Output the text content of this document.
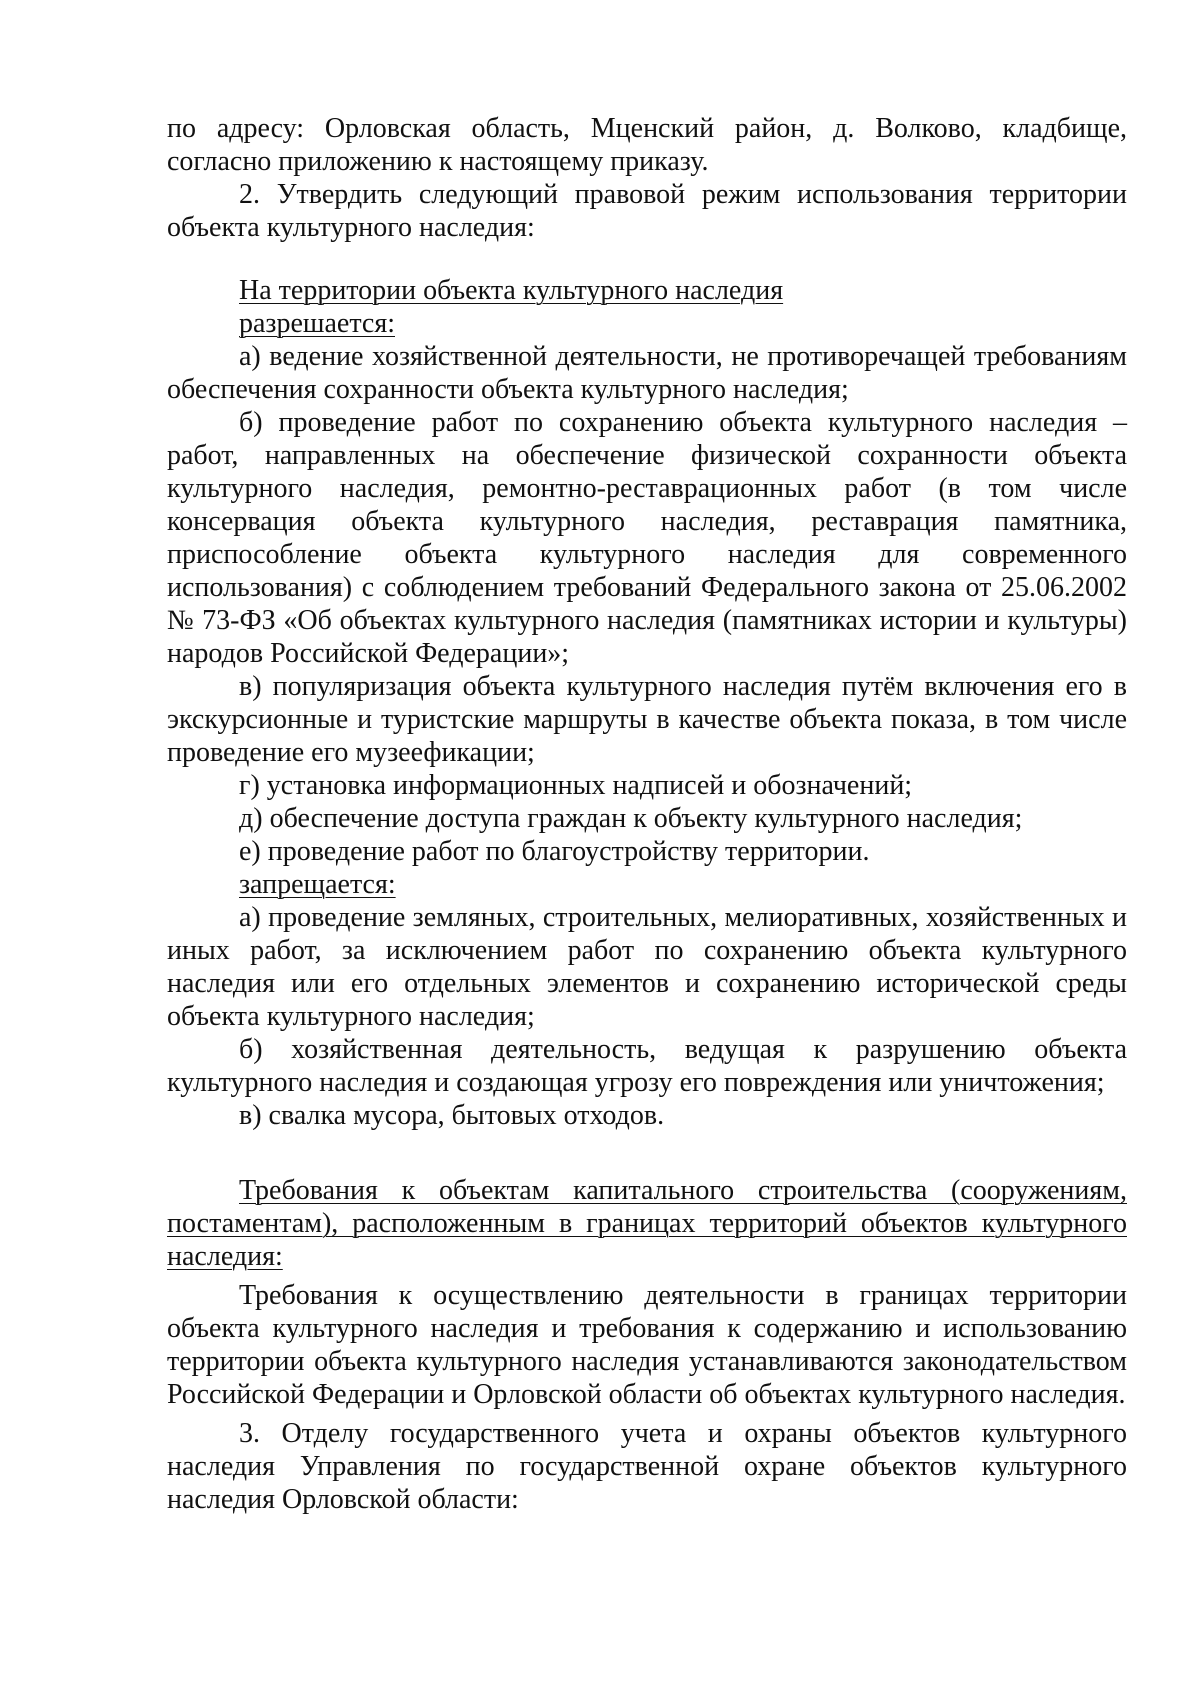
по адресу: Орловская область, Мценский район, д. Волково, кладбище, согласно приложению к настоящему приказу.

2. Утвердить следующий правовой режим использования территории объекта культурного наследия:

На территории объекта культурного наследия

разрешается:

а) ведение хозяйственной деятельности, не противоречащей требованиям обеспечения сохранности объекта культурного наследия;

б) проведение работ по сохранению объекта культурного наследия – работ, направленных на обеспечение физической сохранности объекта культурного наследия, ремонтно-реставрационных работ (в том числе консервация объекта культурного наследия, реставрация памятника, приспособление объекта культурного наследия для современного использования) с соблюдением требований Федерального закона от 25.06.2002 № 73-ФЗ «Об объектах культурного наследия (памятниках истории и культуры) народов Российской Федерации»;

в) популяризация объекта культурного наследия путём включения его в экскурсионные и туристские маршруты в качестве объекта показа, в том числе проведение его музеефикации;

г) установка информационных надписей и обозначений;

д) обеспечение доступа граждан к объекту культурного наследия;

е) проведение работ по благоустройству территории.

запрещается:

а) проведение земляных, строительных, мелиоративных, хозяйственных и иных работ, за исключением работ по сохранению объекта культурного наследия или его отдельных элементов и сохранению исторической среды объекта культурного наследия;

б) хозяйственная деятельность, ведущая к разрушению объекта культурного наследия и создающая угрозу его повреждения или уничтожения;

в) свалка мусора, бытовых отходов.

Требования к объектам капитального строительства (сооружениям, постаментам), расположенным в границах территорий объектов культурного наследия:

Требования к осуществлению деятельности в границах территории объекта культурного наследия и требования к содержанию и использованию территории объекта культурного наследия устанавливаются законодательством Российской Федерации и Орловской области об объектах культурного наследия.

3. Отделу государственного учета и охраны объектов культурного наследия Управления по государственной охране объектов культурного наследия Орловской области:
